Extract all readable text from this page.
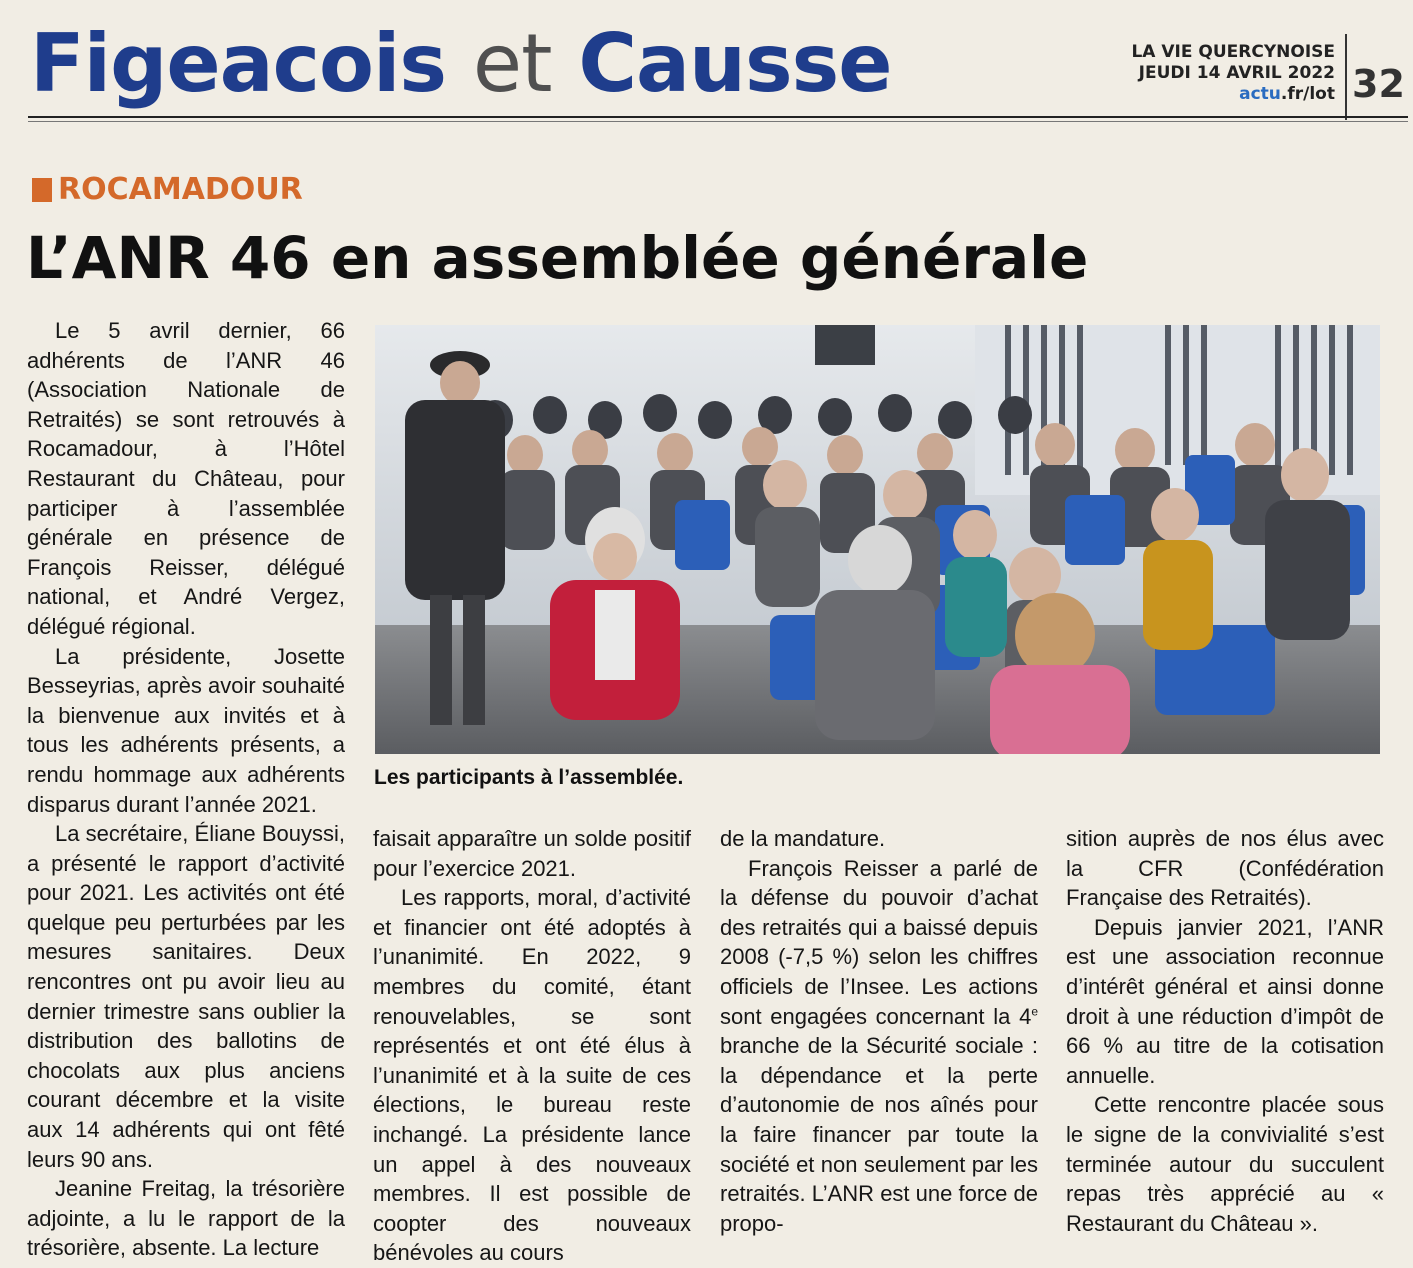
Figeacois et Causse	LA VIE QUERCYNOISE
JEUDI 14 AVRIL 2022
actu.fr/lot 32
ROCAMADOUR
L’ANR 46 en assemblée générale

Le 5 avril dernier, 66 adhérents de l’ANR 46 (Association Nationale de Retraités) se sont retrouvés à Rocamadour, à l’Hôtel Restaurant du Château, pour participer à l’assemblée générale en présence de François Reisser, délégué national, et André Vergez, délégué régional.

La présidente, Josette Besseyrias, après avoir souhaité la bienvenue aux invités et à tous les adhérents présents, a rendu hommage aux adhérents disparus durant l’année 2021.

La secrétaire, Éliane Bouyssi, a présenté le rapport d’activité pour 2021. Les activités ont été quelque peu perturbées par les mesures sanitaires. Deux rencontres ont pu avoir lieu au dernier trimestre sans oublier la distribution des ballotins de chocolats aux plus anciens courant décembre et la visite aux 14 adhérents qui ont fêté leurs 90 ans.

Jeanine Freitag, la trésorière adjointe, a lu le rapport de la trésorière, absente. La lecture

Les participants à l’assemblée.

faisait apparaître un solde positif pour l’exercice 2021.

Les rapports, moral, d’activité et financier ont été adoptés à l’unanimité. En 2022, 9 membres du comité, étant renouvelables, se sont représentés et ont été élus à l’unanimité et à la suite de ces élections, le bureau reste inchangé. La présidente lance un appel à des nouveaux membres. Il est possible de coopter des nouveaux bénévoles au cours

de la mandature.

François Reisser a parlé de la défense du pouvoir d’achat des retraités qui a baissé depuis 2008 (-7,5 %) selon les chiffres officiels de l’Insee. Les actions sont engagées concernant la 4e branche de la Sécurité sociale : la dépendance et la perte d’autonomie de nos aînés pour la faire financer par toute la société et non seulement par les retraités. L’ANR est une force de propo-

sition auprès de nos élus avec la CFR (Confédération Française des Retraités).

Depuis janvier 2021, l’ANR est une association reconnue d’intérêt général et ainsi donne droit à une réduction d’impôt de 66 % au titre de la cotisation annuelle.

Cette rencontre placée sous le signe de la convivialité s’est terminée autour du succulent repas très apprécié au « Restaurant du Château ».
